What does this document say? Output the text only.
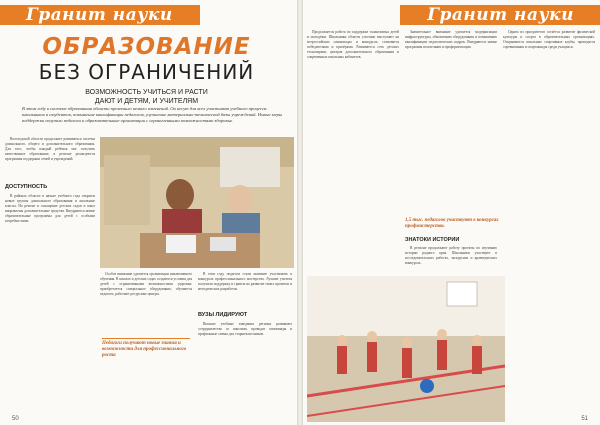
Гранит науки
ОБРАЗОВАНИЕ
БЕЗ ОГРАНИЧЕНИЙ
ВОЗМОЖНОСТЬ УЧИТЬСЯ И РАСТИ
ДАЮТ И ДЕТЯМ, И УЧИТЕЛЯМ
В этом году в системе образования области произошло немало изменений. Он несут для всех участников учебного процесса: школьников и студентов, повышение квалификации педагогов, улучшение материально-технической базы учреждений. Новые меры поддержки получили педагоги и образовательные организации с ограниченными возможностями здоровья.

Вологодской области продолжает развиваться система дошкольного, общего и дополнительного образования. Для того, чтобы каждый ребёнок мог получить качественное образование, в регионе реализуются программы поддержки семей и учреждений.

ДОСТУПНОСТЬ

В районах области в начале учебного года открыты новые группы дошкольного образования и школьные классы. На ремонт и оснащение детских садов и школ направлены дополнительные средства. Внедряются новые образовательные программы для детей с особыми потребностями.

Особое внимание уделяется организации инклюзивного обучения. В школах и детских садах создаются условия для детей с ограниченными возможностями здоровья: приобретается специальное оборудование, обучаются педагоги, работают ресурсные центры.

Педагоги получают новые знания и возможности для профессионального роста

В этом году педагоги стали активнее участвовать в конкурсах профессионального мастерства. Лучшие учителя получили поддержку и гранты на развитие своих проектов и методических разработок.

ВУЗЫ ЛИДИРУЮТ

Высшие учебные заведения региона развивают сотрудничество со школами, проводят олимпиады и профильные смены для старшеклассников.

50
Гранит науки

Продолжается работа по поддержке талантливых детей и молодёжи. Школьники области успешно выступают на всероссийских олимпиадах и конкурсах, становятся победителями и призёрами. Развивается сеть детских технопарков, центров дополнительного образования и современных школьных кабинетов.

Значительное внимание уделяется модернизации инфраструктуры, обновлению оборудования и повышению квалификации педагогических кадров. Внедряются новые программы воспитания и профориентации.

Одним из приоритетов остаётся развитие физической культуры и спорта в образовательных организациях. Открываются школьные спортивные клубы, проводятся соревнования и спартакиады среди учащихся.

1,5 тыс. педагогов участвуют в конкурсах профмастерства.
ЗНАТОКИ ИСТОРИИ

В регионе продолжают работу проекты по изучению истории родного края. Школьники участвуют в исследовательских работах, экскурсиях и краеведческих конкурсах.

51
